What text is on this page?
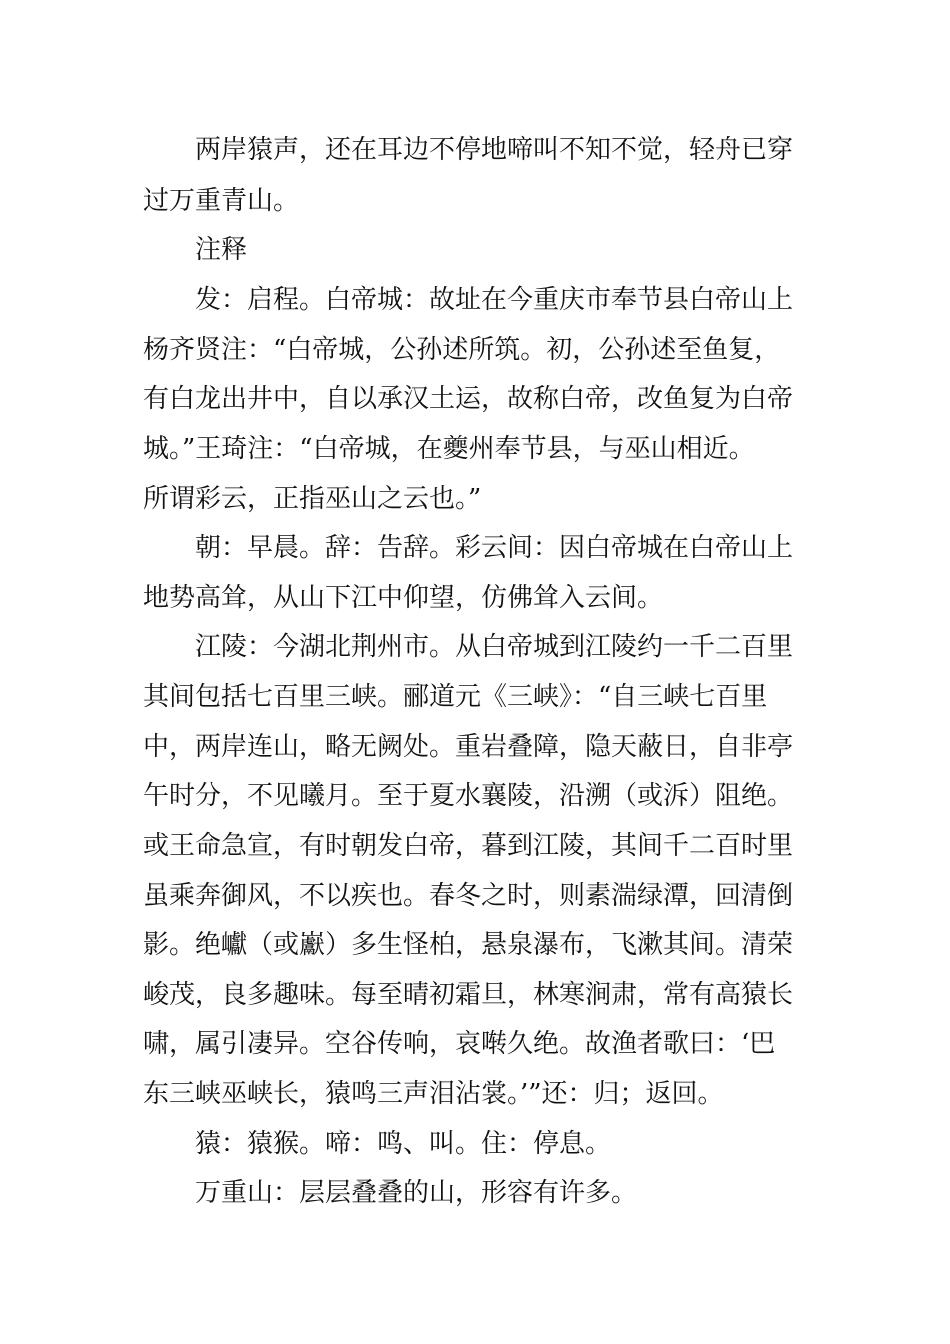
两岸猿声，还在耳边不停地啼叫不知不觉，轻舟已穿
过万重青山。
注释
发：启程。白帝城：故址在今重庆市奉节县白帝山上
杨齐贤注：“白帝城，公孙述所筑。初，公孙述至鱼复，
有白龙出井中，自以承汉土运，故称白帝，改鱼复为白帝
城。”王琦注：“白帝城，在夔州奉节县，与巫山相近。
所谓彩云，正指巫山之云也。”
朝：早晨。辞：告辞。彩云间：因白帝城在白帝山上
地势高耸，从山下江中仰望，仿佛耸入云间。
江陵：今湖北荆州市。从白帝城到江陵约一千二百里
其间包括七百里三峡。郦道元《三峡》：“自三峡七百里
中，两岸连山，略无阙处。重岩叠障，隐天蔽日，自非亭
午时分，不见曦月。至于夏水襄陵，沿溯（或泝）阻绝。
或王命急宣，有时朝发白帝，暮到江陵，其间千二百时里
虽乘奔御风，不以疾也。春冬之时，则素湍绿潭，回清倒
影。绝巘（或巚）多生怪柏，悬泉瀑布，飞漱其间。清荣
峻茂，良多趣味。每至晴初霜旦，林寒涧肃，常有高猿长
啸，属引凄异。空谷传响，哀啭久绝。故渔者歌曰：‘巴
东三峡巫峡长，猿鸣三声泪沾裳。’”还：归；返回。
猿：猿猴。啼：鸣、叫。住：停息。
万重山：层层叠叠的山，形容有许多。
